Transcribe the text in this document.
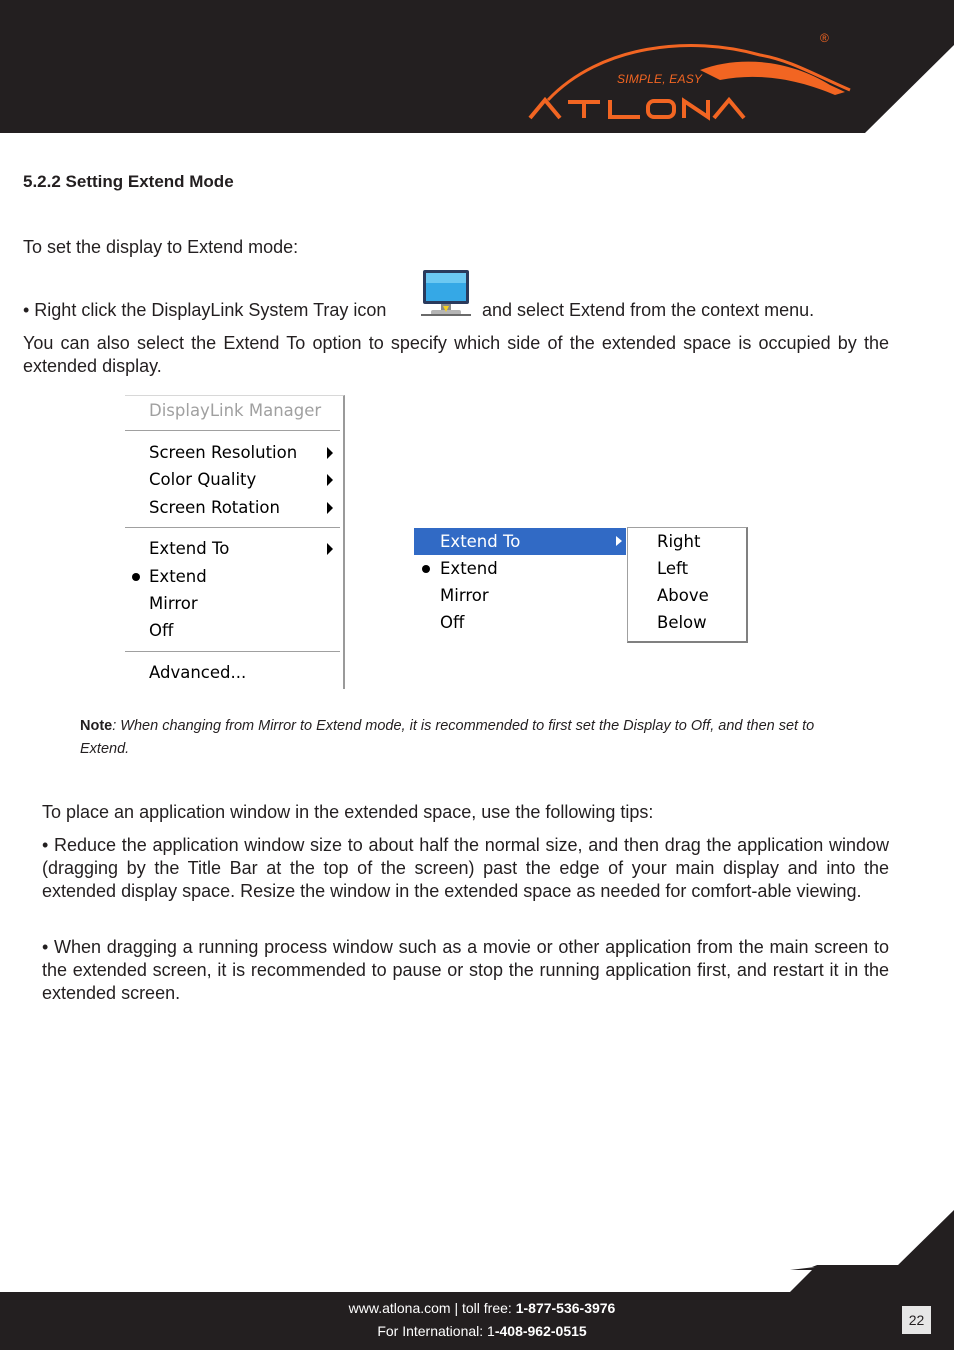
SIMPLE, EASY
®
5.2.2 Setting Extend Mode
To set the display to Extend mode:
• Right click the DisplayLink System Tray icon	and select Extend from the context menu.
You can also select the Extend To option to specify which side of the extended space is occupied by the extended display.
DisplayLink Manager
Screen Resolution
Color Quality
Screen Rotation
Extend To
Extend
Mirror
Off
Advanced...
Extend To
Extend
Mirror
Off
Right
Left
Above
Below
Note: When changing from Mirror to Extend mode, it is recommended to first set the Display to Off, and then set to Extend.
To place an application window in the extended space, use the following tips:
• Reduce the application window size to about half the normal size, and then drag the application window (dragging by the Title Bar at the top of the screen) past the edge of your main display and into the extended display space. Resize the window in the extended space as needed for comfort-able viewing.
• When dragging a running process window such as a movie or other application from the main screen to the extended screen, it is recommended to pause or stop the running application first, and restart it in the extended screen.
www.atlona.com | toll free: 1-877-536-3976
For International: 1-408-962-0515
22
